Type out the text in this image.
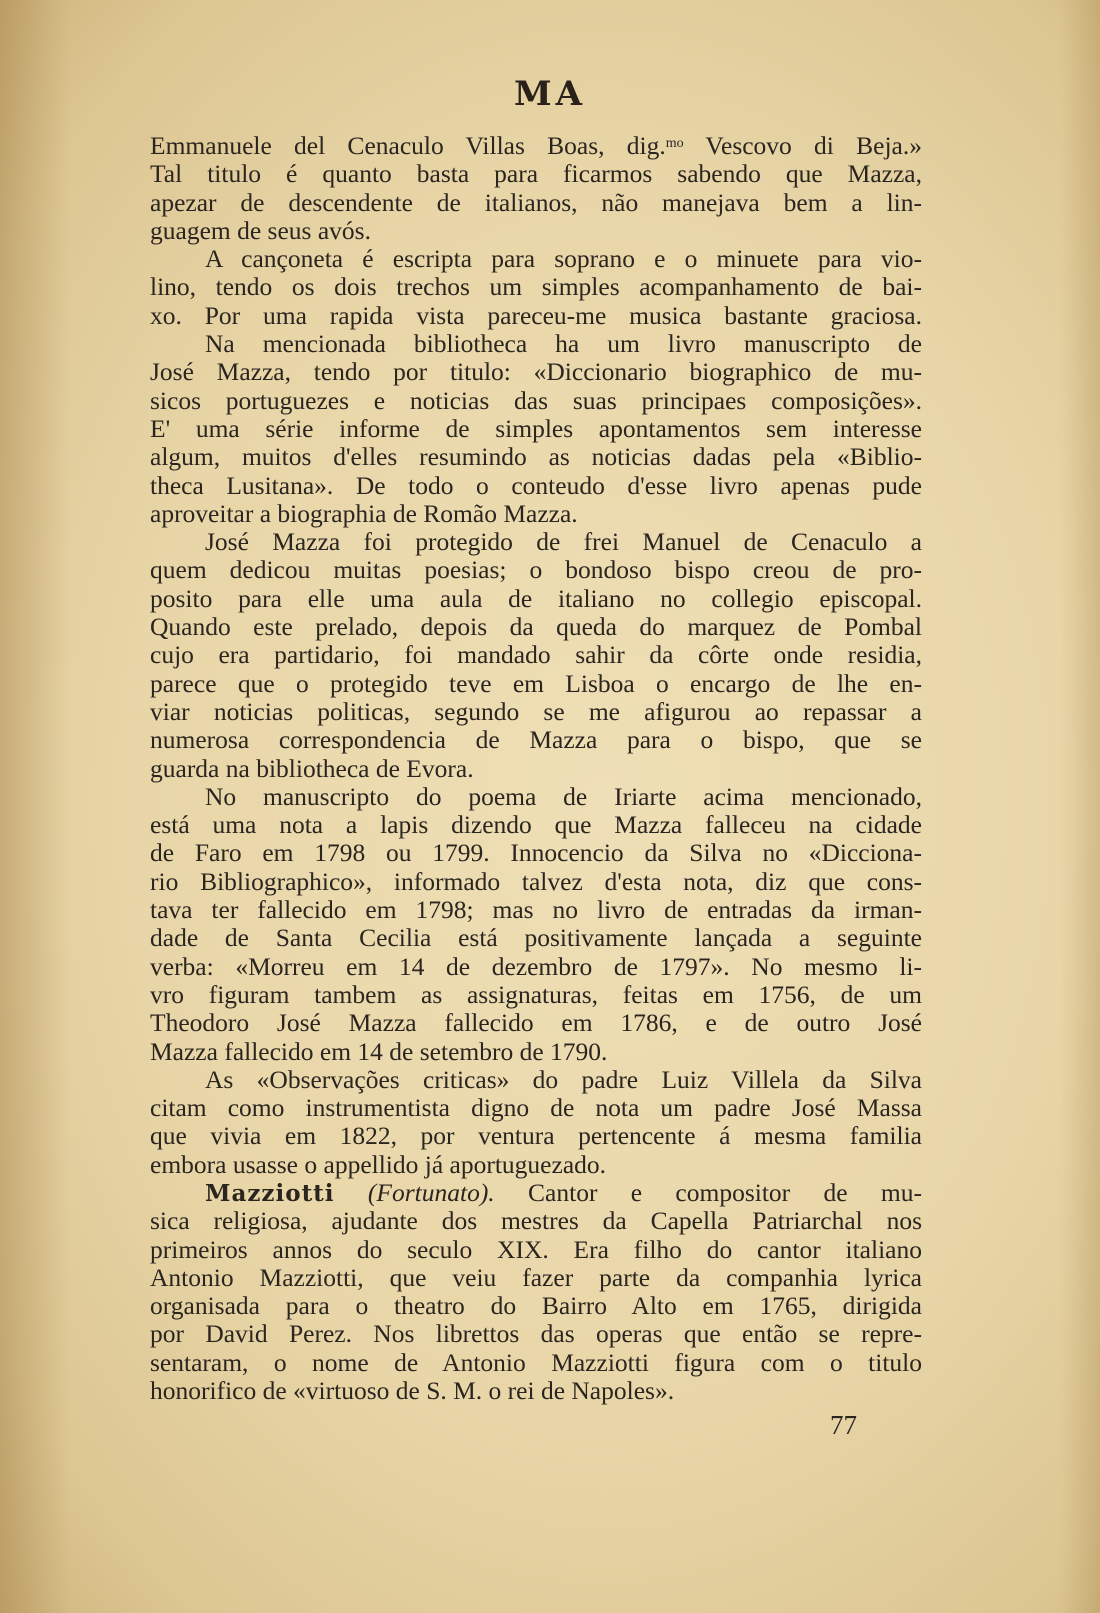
MA
Emmanuele del Cenaculo Villas Boas, dig.$^{mo}$ Vescovo di Beja.»
Tal titulo é quanto basta para ficarmos sabendo que Mazza,
apezar de descendente de italianos, não manejava bem a lin-
guagem de seus avós.
A cançoneta é escripta para soprano e o minuete para vio-
lino, tendo os dois trechos um simples acompanhamento de bai-
xo. Por uma rapida vista pareceu-me musica bastante graciosa.
Na mencionada bibliotheca ha um livro manuscripto de
José Mazza, tendo por titulo: «Diccionario biographico de mu-
sicos portuguezes e noticias das suas principaes composições».
E' uma série informe de simples apontamentos sem interesse
algum, muitos d'elles resumindo as noticias dadas pela «Biblio-
theca Lusitana». De todo o conteudo d'esse livro apenas pude
aproveitar a biographia de Romão Mazza.
José Mazza foi protegido de frei Manuel de Cenaculo a
quem dedicou muitas poesias; o bondoso bispo creou de pro-
posito para elle uma aula de italiano no collegio episcopal.
Quando este prelado, depois da queda do marquez de Pombal
cujo era partidario, foi mandado sahir da côrte onde residia,
parece que o protegido teve em Lisboa o encargo de lhe en-
viar noticias politicas, segundo se me afigurou ao repassar a
numerosa correspondencia de Mazza para o bispo, que se
guarda na bibliotheca de Evora.
No manuscripto do poema de Iriarte acima mencionado,
está uma nota a lapis dizendo que Mazza falleceu na cidade
de Faro em 1798 ou 1799. Innocencio da Silva no «Dicciona-
rio Bibliographico», informado talvez d'esta nota, diz que cons-
tava ter fallecido em 1798; mas no livro de entradas da irman-
dade de Santa Cecilia está positivamente lançada a seguinte
verba: «Morreu em 14 de dezembro de 1797». No mesmo li-
vro figuram tambem as assignaturas, feitas em 1756, de um
Theodoro José Mazza fallecido em 1786, e de outro José
Mazza fallecido em 14 de setembro de 1790.
As «Observações criticas» do padre Luiz Villela da Silva
citam como instrumentista digno de nota um padre José Massa
que vivia em 1822, por ventura pertencente á mesma familia
embora usasse o appellido já aportuguezado.
Mazziotti (Fortunato). Cantor e compositor de mu-
sica religiosa, ajudante dos mestres da Capella Patriarchal nos
primeiros annos do seculo XIX. Era filho do cantor italiano
Antonio Mazziotti, que veiu fazer parte da companhia lyrica
organisada para o theatro do Bairro Alto em 1765, dirigida
por David Perez. Nos librettos das operas que então se repre-
sentaram, o nome de Antonio Mazziotti figura com o titulo
honorifico de «virtuoso de S. M. o rei de Napoles».
77
